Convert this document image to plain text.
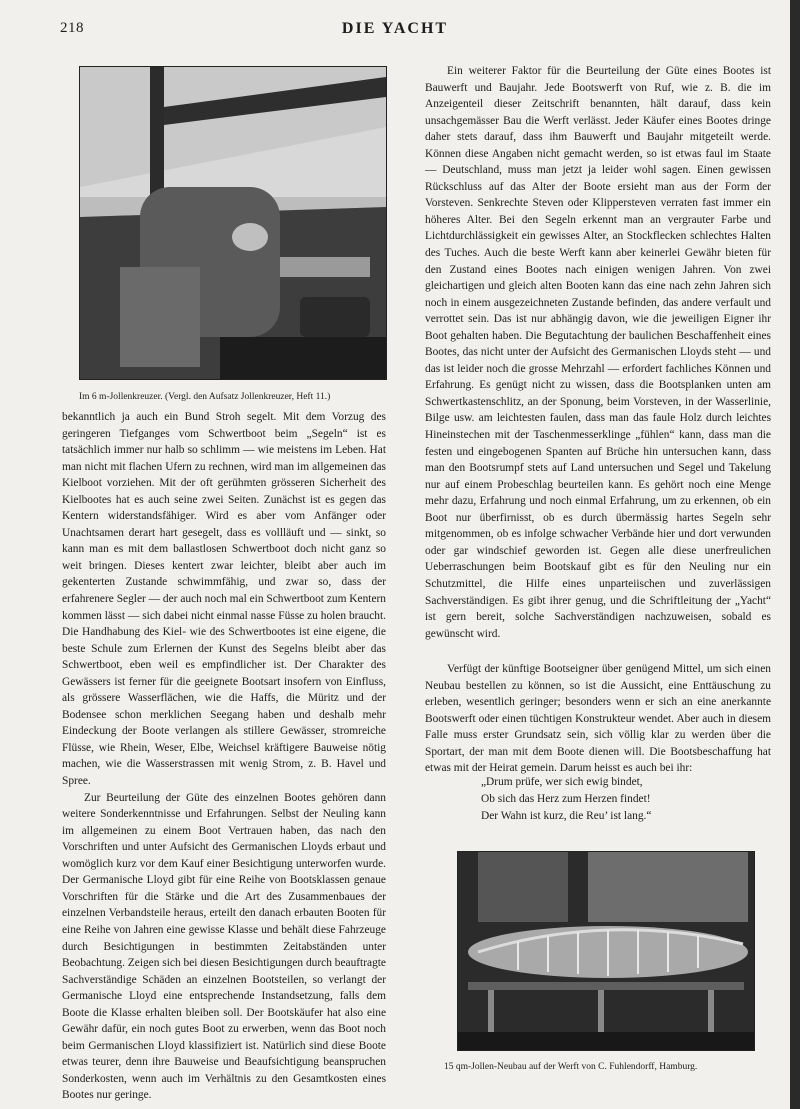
218	DIE YACHT
Im 6 m-Jollenkreuzer. (Vergl. den Aufsatz Jollenkreuzer, Heft 11.)

bekanntlich ja auch ein Bund Stroh segelt. Mit dem Vorzug des geringeren Tiefganges vom Schwertboot beim „Segeln“ ist es tatsächlich immer nur halb so schlimm — wie meistens im Leben. Hat man nicht mit flachen Ufern zu rechnen, wird man im allgemeinen das Kielboot vorziehen. Mit der oft gerühmten grösseren Sicherheit des Kielbootes hat es auch seine zwei Seiten. Zunächst ist es gegen das Kentern widerstandsfähiger. Wird es aber vom Anfänger oder Unachtsamen derart hart gesegelt, dass es vollläuft und — sinkt, so kann man es mit dem ballastlosen Schwertboot doch nicht ganz so weit bringen. Dieses kentert zwar leichter, bleibt aber auch im gekenterten Zustande schwimmfähig, und zwar so, dass der erfahrenere Segler — der auch noch mal ein Schwertboot zum Kentern kommen lässt — sich dabei nicht einmal nasse Füsse zu holen braucht. Die Handhabung des Kiel- wie des Schwertbootes ist eine eigene, die beste Schule zum Erlernen der Kunst des Segelns bleibt aber das Schwertboot, eben weil es empfindlicher ist. Der Charakter des Gewässers ist ferner für die geeignete Bootsart insofern von Einfluss, als grössere Wasserflächen, wie die Haffs, die Müritz und der Bodensee schon merklichen Seegang haben und deshalb mehr Eindeckung der Boote verlangen als stillere Gewässer, stromreiche Flüsse, wie Rhein, Weser, Elbe, Weichsel kräftigere Bauweise nötig machen, wie die Wasserstrassen mit wenig Strom, z. B. Havel und Spree.

Zur Beurteilung der Güte des einzelnen Bootes gehören dann weitere Sonderkenntnisse und Erfahrungen. Selbst der Neuling kann im allgemeinen zu einem Boot Vertrauen haben, das nach den Vorschriften und unter Aufsicht des Germanischen Lloyds erbaut und womöglich kurz vor dem Kauf einer Besichtigung unterworfen wurde. Der Germanische Lloyd gibt für eine Reihe von Bootsklassen genaue Vorschriften für die Stärke und die Art des Zusammenbaues der einzelnen Verbandsteile heraus, erteilt den danach erbauten Booten für eine Reihe von Jahren eine gewisse Klasse und behält diese Fahrzeuge durch Besichtigungen in bestimmten Zeitabständen unter Beobachtung. Zeigen sich bei diesen Besichtigungen durch beauftragte Sachverständige Schäden an einzelnen Bootsteilen, so verlangt der Germanische Lloyd eine entsprechende Instandsetzung, falls dem Boote die Klasse erhalten bleiben soll. Der Bootskäufer hat also eine Gewähr dafür, ein noch gutes Boot zu erwerben, wenn das Boot noch beim Germanischen Lloyd klassifiziert ist. Natürlich sind diese Boote etwas teurer, denn ihre Bauweise und Beaufsichtigung beanspruchen Sonderkosten, wenn auch im Verhältnis zu den Gesamtkosten eines Bootes nur geringe.

Ein weiterer Faktor für die Beurteilung der Güte eines Bootes ist Bauwerft und Baujahr. Jede Bootswerft von Ruf, wie z. B. die im Anzeigenteil dieser Zeitschrift benannten, hält darauf, dass kein unsachgemässer Bau die Werft verlässt. Jeder Käufer eines Bootes dringe daher stets darauf, dass ihm Bauwerft und Baujahr mitgeteilt werde. Können diese Angaben nicht gemacht werden, so ist etwas faul im Staate — Deutschland, muss man jetzt ja leider wohl sagen. Einen gewissen Rückschluss auf das Alter der Boote ersieht man aus der Form der Vorsteven. Senkrechte Steven oder Klippersteven verraten fast immer ein höheres Alter. Bei den Segeln erkennt man an vergrauter Farbe und Lichtdurchlässigkeit ein gewisses Alter, an Stockflecken schlechtes Halten des Tuches. Auch die beste Werft kann aber keinerlei Gewähr bieten für den Zustand eines Bootes nach einigen wenigen Jahren. Von zwei gleichartigen und gleich alten Booten kann das eine nach zehn Jahren sich noch in einem ausgezeichneten Zustande befinden, das andere verfault und verrottet sein. Das ist nur abhängig davon, wie die jeweiligen Eigner ihr Boot gehalten haben. Die Begutachtung der baulichen Beschaffenheit eines Bootes, das nicht unter der Aufsicht des Germanischen Lloyds steht — und das ist leider noch die grosse Mehrzahl — erfordert fachliches Können und Erfahrung. Es genügt nicht zu wissen, dass die Bootsplanken unten am Schwertkastenschlitz, an der Sponung, beim Vorsteven, in der Wasserlinie, Bilge usw. am leichtesten faulen, dass man das faule Holz durch leichtes Hineinstechen mit der Taschenmesserklinge „fühlen“ kann, dass man die festen und eingebogenen Spanten auf Brüche hin untersuchen kann, dass man den Bootsrumpf stets auf Land untersuchen und Segel und Takelung nur auf einem Probeschlag beurteilen kann. Es gehört noch eine Menge mehr dazu, Erfahrung und noch einmal Erfahrung, um zu erkennen, ob ein Boot nur überfirnisst, ob es durch übermässig hartes Segeln sehr mitgenommen, ob es infolge schwacher Verbände hier und dort verwunden oder gar windschief geworden ist. Gegen alle diese unerfreulichen Ueberraschungen beim Bootskauf gibt es für den Neuling nur ein Schutzmittel, die Hilfe eines unparteiischen und zuverlässigen Sachverständigen. Es gibt ihrer genug, und die Schriftleitung der „Yacht“ ist gern bereit, solche Sachverständigen nachzuweisen, sobald es gewünscht wird.

Verfügt der künftige Bootseigner über genügend Mittel, um sich einen Neubau bestellen zu können, so ist die Aussicht, eine Enttäuschung zu erleben, wesentlich geringer; besonders wenn er sich an eine anerkannte Bootswerft oder einen tüchtigen Konstrukteur wendet. Aber auch in diesem Falle muss erster Grundsatz sein, sich völlig klar zu werden über die Sportart, der man mit dem Boote dienen will. Die Bootsbeschaffung hat etwas mit der Heirat gemein. Darum heisst es auch bei ihr:

„Drum prüfe, wer sich ewig bindet,
Ob sich das Herz zum Herzen findet!
Der Wahn ist kurz, die Reu’ ist lang.“
15 qm-Jollen-Neubau auf der Werft von C. Fuhlendorff, Hamburg.
